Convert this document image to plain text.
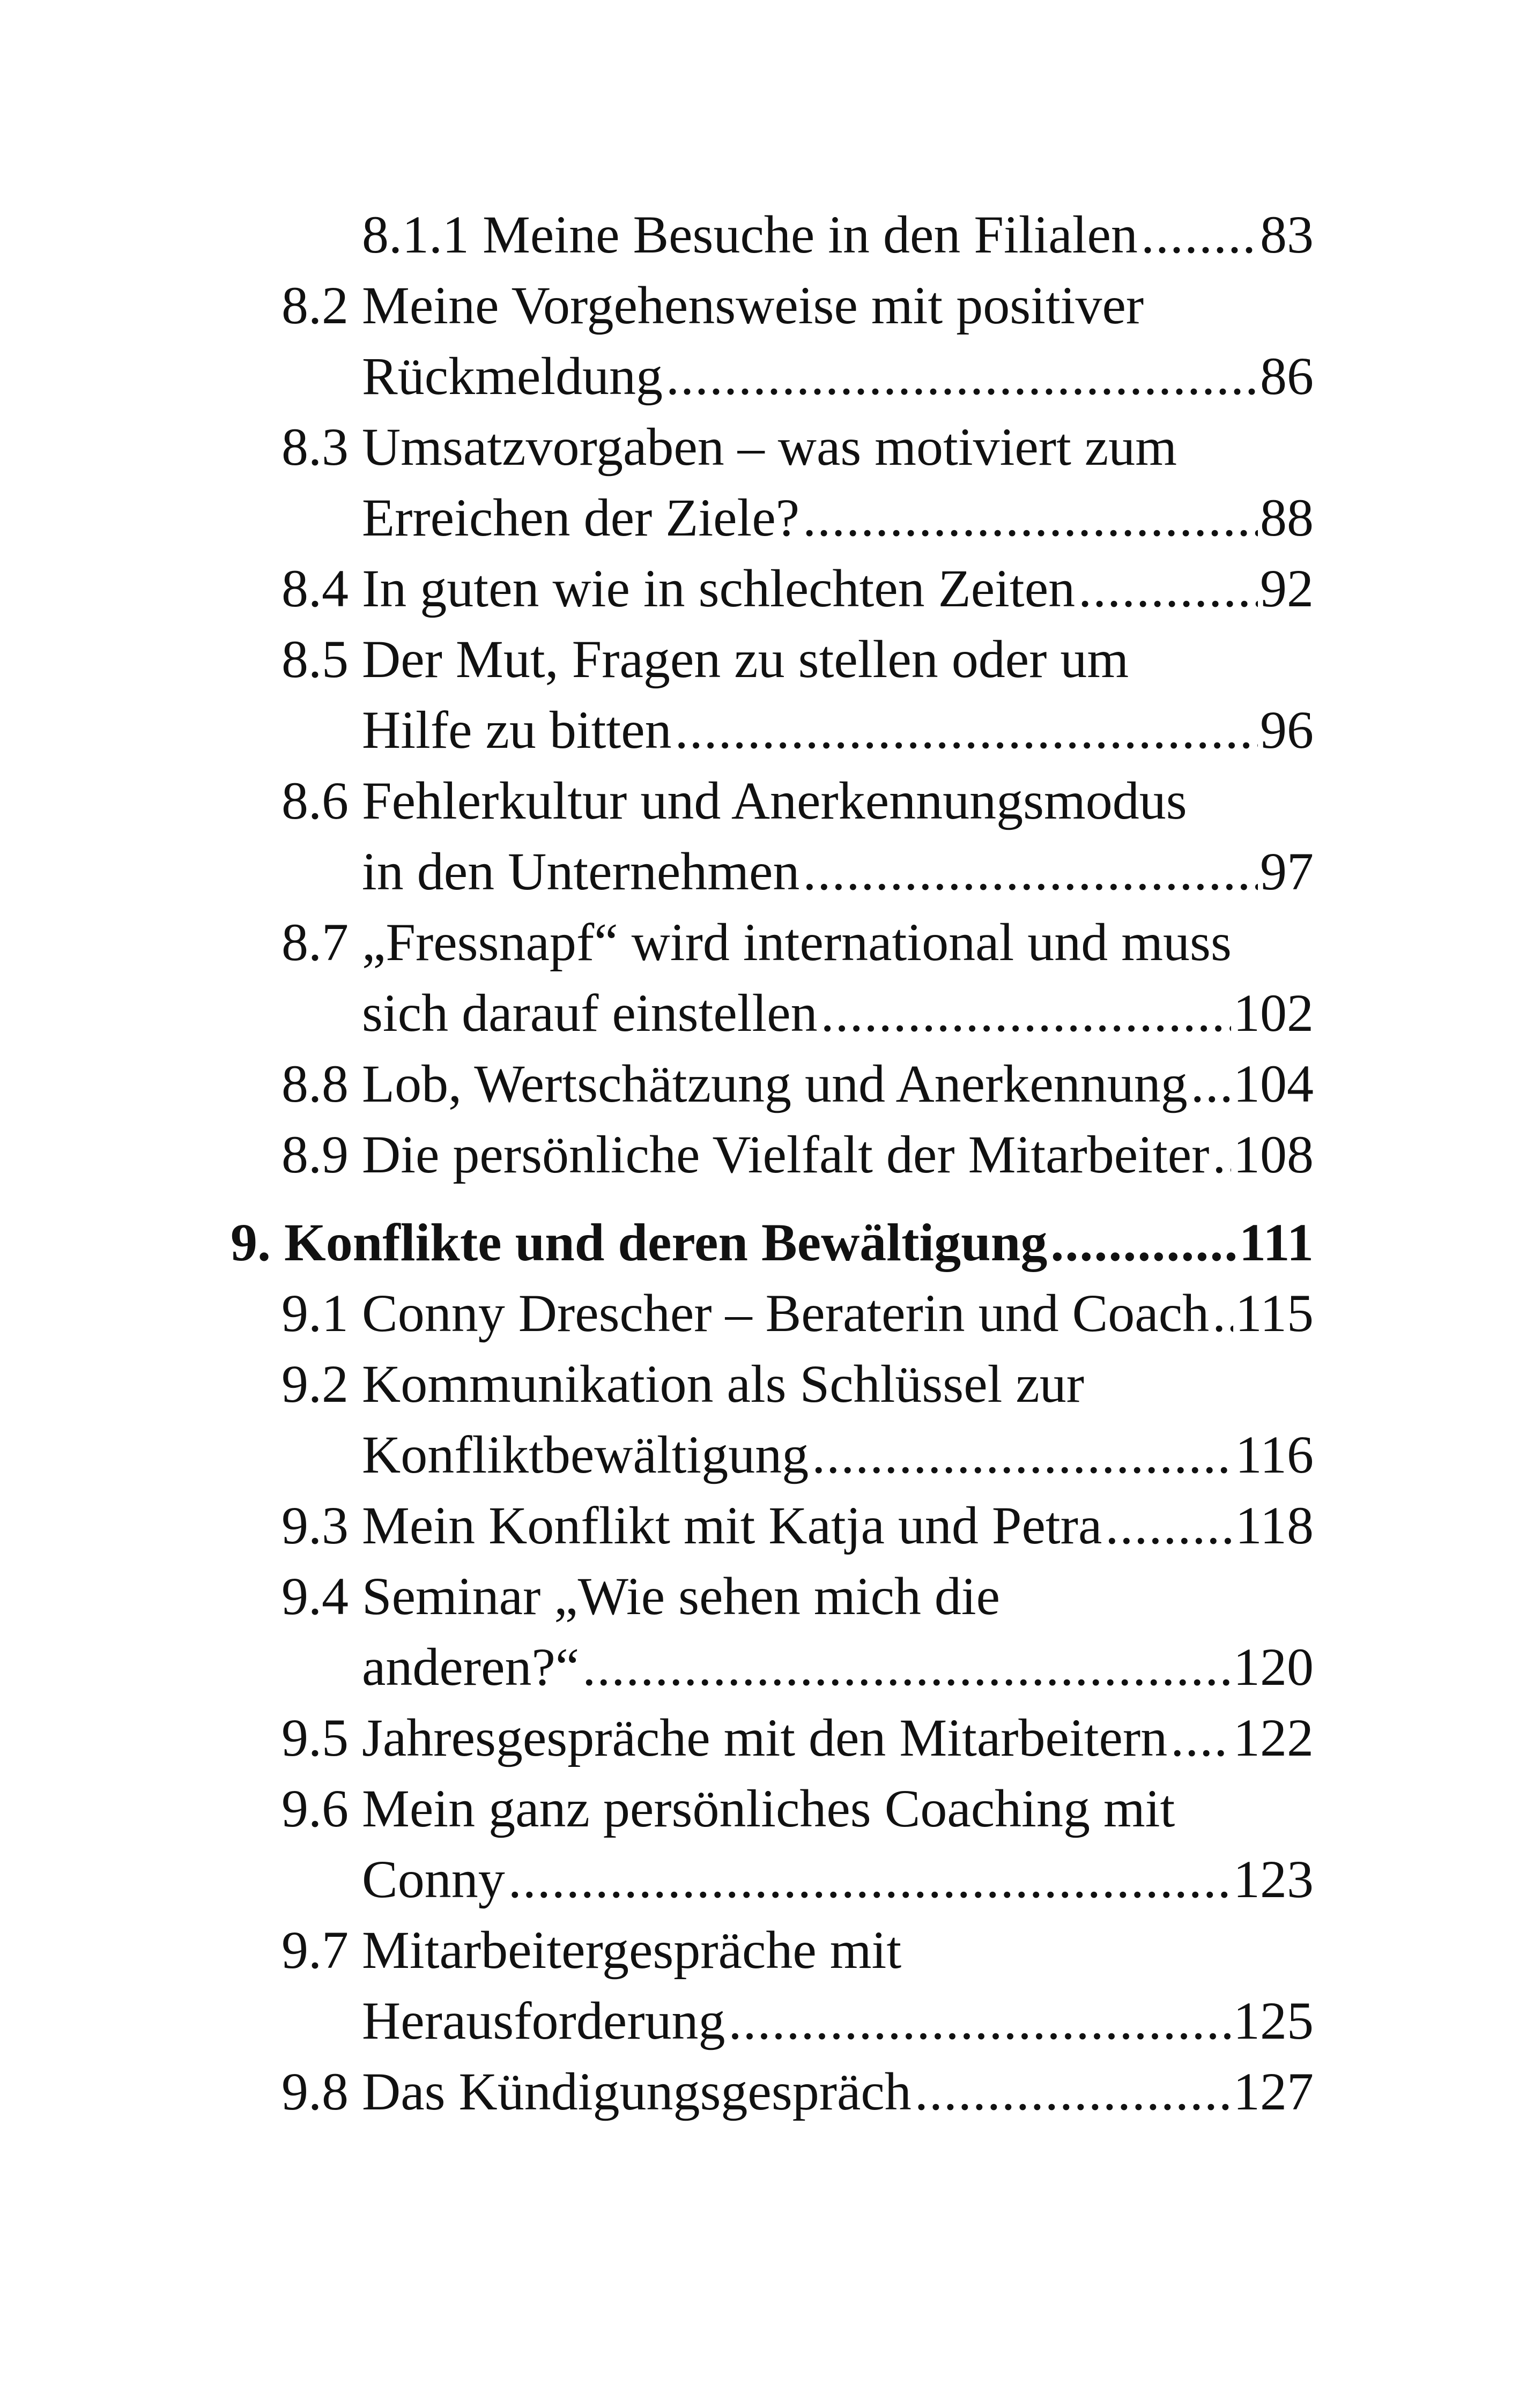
8.1.1 Meine Besuche in den Filialen ..... 83
8.2 Meine Vorgehensweise mit positiver
Rückmeldung .....	86
8.3 Umsatzvorgaben – was motiviert zum
Erreichen der Ziele? .....	88
8.4 In guten wie in schlechten Zeiten .....	92
8.5 Der Mut, Fragen zu stellen oder um
Hilfe zu bitten .....	96
8.6 Fehlerkultur und Anerkennungsmodus
in den Unternehmen .....	97
8.7 „Fressnapf“ wird international und muss
sich darauf einstellen .....	102
8.8 Lob, Wertschätzung und Anerkennung ..... 104
8.9 Die persönliche Vielfalt der Mitarbeiter ..... 108
9. Konflikte und deren Bewältigung .....	111
9.1 Conny Drescher – Beraterin und Coach ..... 115
9.2 Kommunikation als Schlüssel zur
Konfliktbewältigung .....	116
9.3 Mein Konflikt mit Katja und Petra ..... 118
9.4 Seminar „Wie sehen mich die
anderen?“ .....	120
9.5 Jahresgespräche mit den Mitarbeitern ..... 122
9.6 Mein ganz persönliches Coaching mit
Conny .....	123
9.7 Mitarbeitergespräche mit
Herausforderung .....	125
9.8 Das Kündigungsgespräch .....	127
